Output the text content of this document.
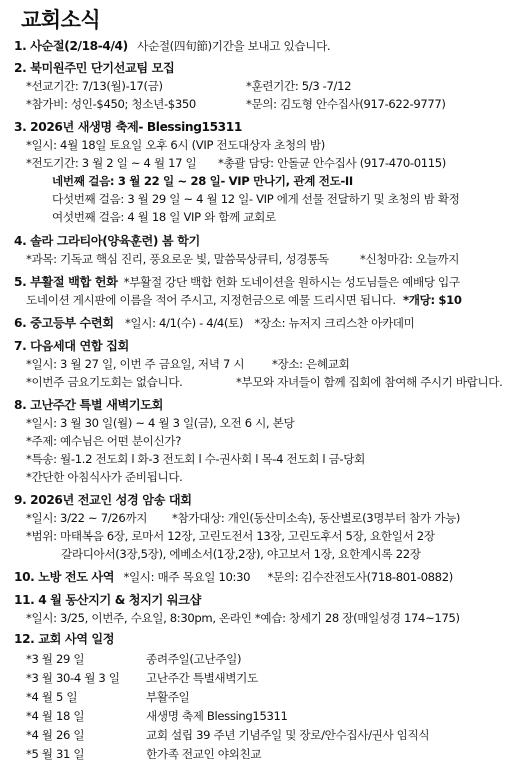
교회소식
1. 사순절(2/18-4/4) 사순절(四旬節)기간을 보내고 있습니다.
2. 북미원주민 단기선교팀 모집
*선교기간: 7/13(월)-17(금)	*훈련기간: 5/3 -7/12
*참가비: 성인-$450; 청소년-$350	*문의: 김도형 안수집사(917-622-9777)
3. 2026년 새생명 축제- Blessing15311
*일시: 4월 18일 토요일 오후 6시 (VIP 전도대상자 초청의 밤)
*전도기간: 3 월 2 일 ~ 4 월 17 일 *총괄 담당: 안돌균 안수집사 (917-470-0115)
네번째 걸음: 3 월 22 일 ~ 28 일- VIP 만나기, 관계 전도-II
다섯번째 걸음: 3 월 29 일 ~ 4 월 12 일- VIP 에게 선물 전달하기 및 초청의 밤 확정
여섯번째 걸음: 4 월 18 일 VIP 와 함께 교회로
4. 솔라 그라티아(양육훈련) 봄 학기
*과목: 기독교 핵심 진리, 풍요로운 빛, 말씀묵상큐티, 성경통독	*신청마감: 오늘까지
5. 부활절 백합 헌화 *부활절 강단 백합 헌화 도네이션을 원하시는 성도님들은 예배당 입구
도네이션 게시판에 이름을 적어 주시고, 지정헌금으로 예물 드리시면 됩니다. *개당: $10
6. 중고등부 수련회 *일시: 4/1(수) - 4/4(토) *장소: 뉴저지 크리스찬 아카데미
7. 다음세대 연합 집회
*일시: 3 월 27 일, 이번 주 금요일, 저녁 7 시 *장소: 은혜교회
*이번주 금요기도회는 없습니다.	*부모와 자녀들이 함께 집회에 참여해 주시기 바랍니다.
8. 고난주간 특별 새벽기도회
*일시: 3 월 30 일(월) ~ 4 월 3 일(금), 오전 6 시, 본당
*주제: 예수님은 어떤 분이신가?
*특송: 월-1.2 전도회 l 화-3 전도회 l 수-권사회 l 목-4 전도회 l 금-당회
*간단한 아침식사가 준비됩니다.
9. 2026년 전교인 성경 암송 대회
*일시: 3/22 ~ 7/26까지 *참가대상: 개인(동산미소속), 동산별로(3명부터 참가 가능)
*범위: 마태복음 6장, 로마서 12장, 고린도전서 13장, 고린도후서 5장, 요한일서 2장
갈라디아서(3장,5장), 에베소서(1장,2장), 야고보서 1장, 요한계시록 22장
10. 노방 전도 사역 *일시: 매주 목요일 10:30 *문의: 김수잔전도사(718-801-0882)
11. 4 월 동산지기 & 청지기 워크샵
*일시: 3/25, 이번주, 수요일, 8:30pm, 온라인 *예습: 창세기 28 장(매일성경 174~175)
12. 교회 사역 일정
*3 월 29 일	종려주일(고난주일)
*3 월 30-4 월 3 일 고난주간 특별새벽기도
*4 월 5 일	부활주일
*4 월 18 일	새생명 축제 Blessing15311
*4 월 26 일	교회 설립 39 주년 기념주일 및 장로/안수집사/권사 임직식
*5 월 31 일	한가족 전교인 야외친교
